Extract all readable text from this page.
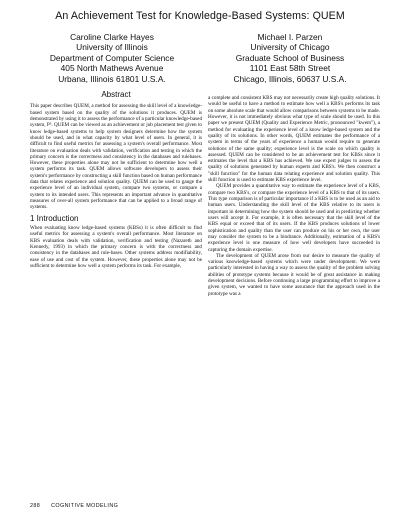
An Achievement Test for Knowledge-Based Systems: QUEM
Caroline Clarke Hayes
University of Illinois
Department of Computer Science
405 North Mathews Avenue
Urbana, Illinois 61801 U.S.A.
Michael I. Parzen
University of Chicago
Graduate School of Business
1101 East 58th Street
Chicago, Illinois, 60637 U.S.A.
Abstract

This paper describes QUEM, a method for assessing the skill level of a knowledge-based system based on the quality of the solutions it produces. QUEM is demonstrated by using it to assess the performance of a particular knowledge-based system, P³. QUEM can be viewed as an achievement or job placement test given to know ledge-based systems to help system designers determine how the system should be used, and in what capacity by what level of users. In general, it is difficult to find useful metrics for assessing a system's overall performance. Most literature on evaluation deals with validation, verification and testing in which the primary concern is the correctness and consistency in the databases and rulebases. However, these properties alone may not be sufficient to determine how well a system performs its task. QUEM allows software developers to assess their system's performance by constructing a skill function based on human performance data that relates experience and solution quality. QUEM can be used to gauge the experience level of an individual system, compare two systems, or compare a system to its intended users. This represents an important advance in quantitative measures of over-all system performance that can be applied to a broad range of systems.

1 Introduction

When evaluating know ledge-based systems (KBSs) it is often difficult to find useful metrics for assessing a system's overall performance. Most literature on KBS evaluation deals with validation, verification and testing (Nazareth and Kennedy, 1993) in which the primary concern is with the correctness and consistency in the databases and rule-bases. Other systems address modifiability, ease of use and cost of the system. However, these properties alone may not be sufficient to determine how well a system performs its task. For example,

a complete and consistent KBS may not necessarily create high quality solutions. It would be useful to have a method to estimate how well a KBS's performs its task on some absolute scale that would allow comparisons between systems to be made. However, it is not immediately obvious what type of scale should be used. In this paper we present QUEM (Quality and Experience Metric, pronounced "kwem"), a method for evaluating the experience level of a know ledge-based system and the quality of its solutions. In other words, QUEM estimates the performance of a system in terms of the years of experience a human would require to generate solutions of the same quality; experience level is the scale on which quality is assessed. QUEM can be considered to be an achievement test for KBSs since it estimates the level that a KBS has achieved. We use expert judges to assess the quality of solutions generated by human experts and KBS's. We then construct a "skill function" for the human data relating experience and solution quality. This skill function is used to estimate KBS experience level.

QUEM provides a quantitative way to estimate the experience level of a KBS, compare two KBS's, or compare the experience level of a KBS to that of its users. This type comparison is of particular importance if a KBS is to be used as an aid to human users. Understanding the skill level of the KBS relative to its users is important in determining how the system should be used and in predicting whether users will accept it. For example, it is often necessary that the skill level of the KBS equal or exceed that of its users. If the KBS produces solutions of lower sophistication and quality than the user can produce on his or her own, the user may consider the system to be a hindrance. Additionally, estimation of a KBS's experience level is one measure of how well developers have succeeded in capturing the domain expertise.

The development of QUEM arose from our desire to measure the quality of various knowledge-based systems which were under development. We were particularly interested in having a way to assess the quality of the problem solving abilities of prototype systems because it would be of great assistance in making development decisions. Before continuing a large programming effort to improve a given system, we wanted to have some assurance that the approach used in the prototype was a

288 COGNITIVE MODELING
